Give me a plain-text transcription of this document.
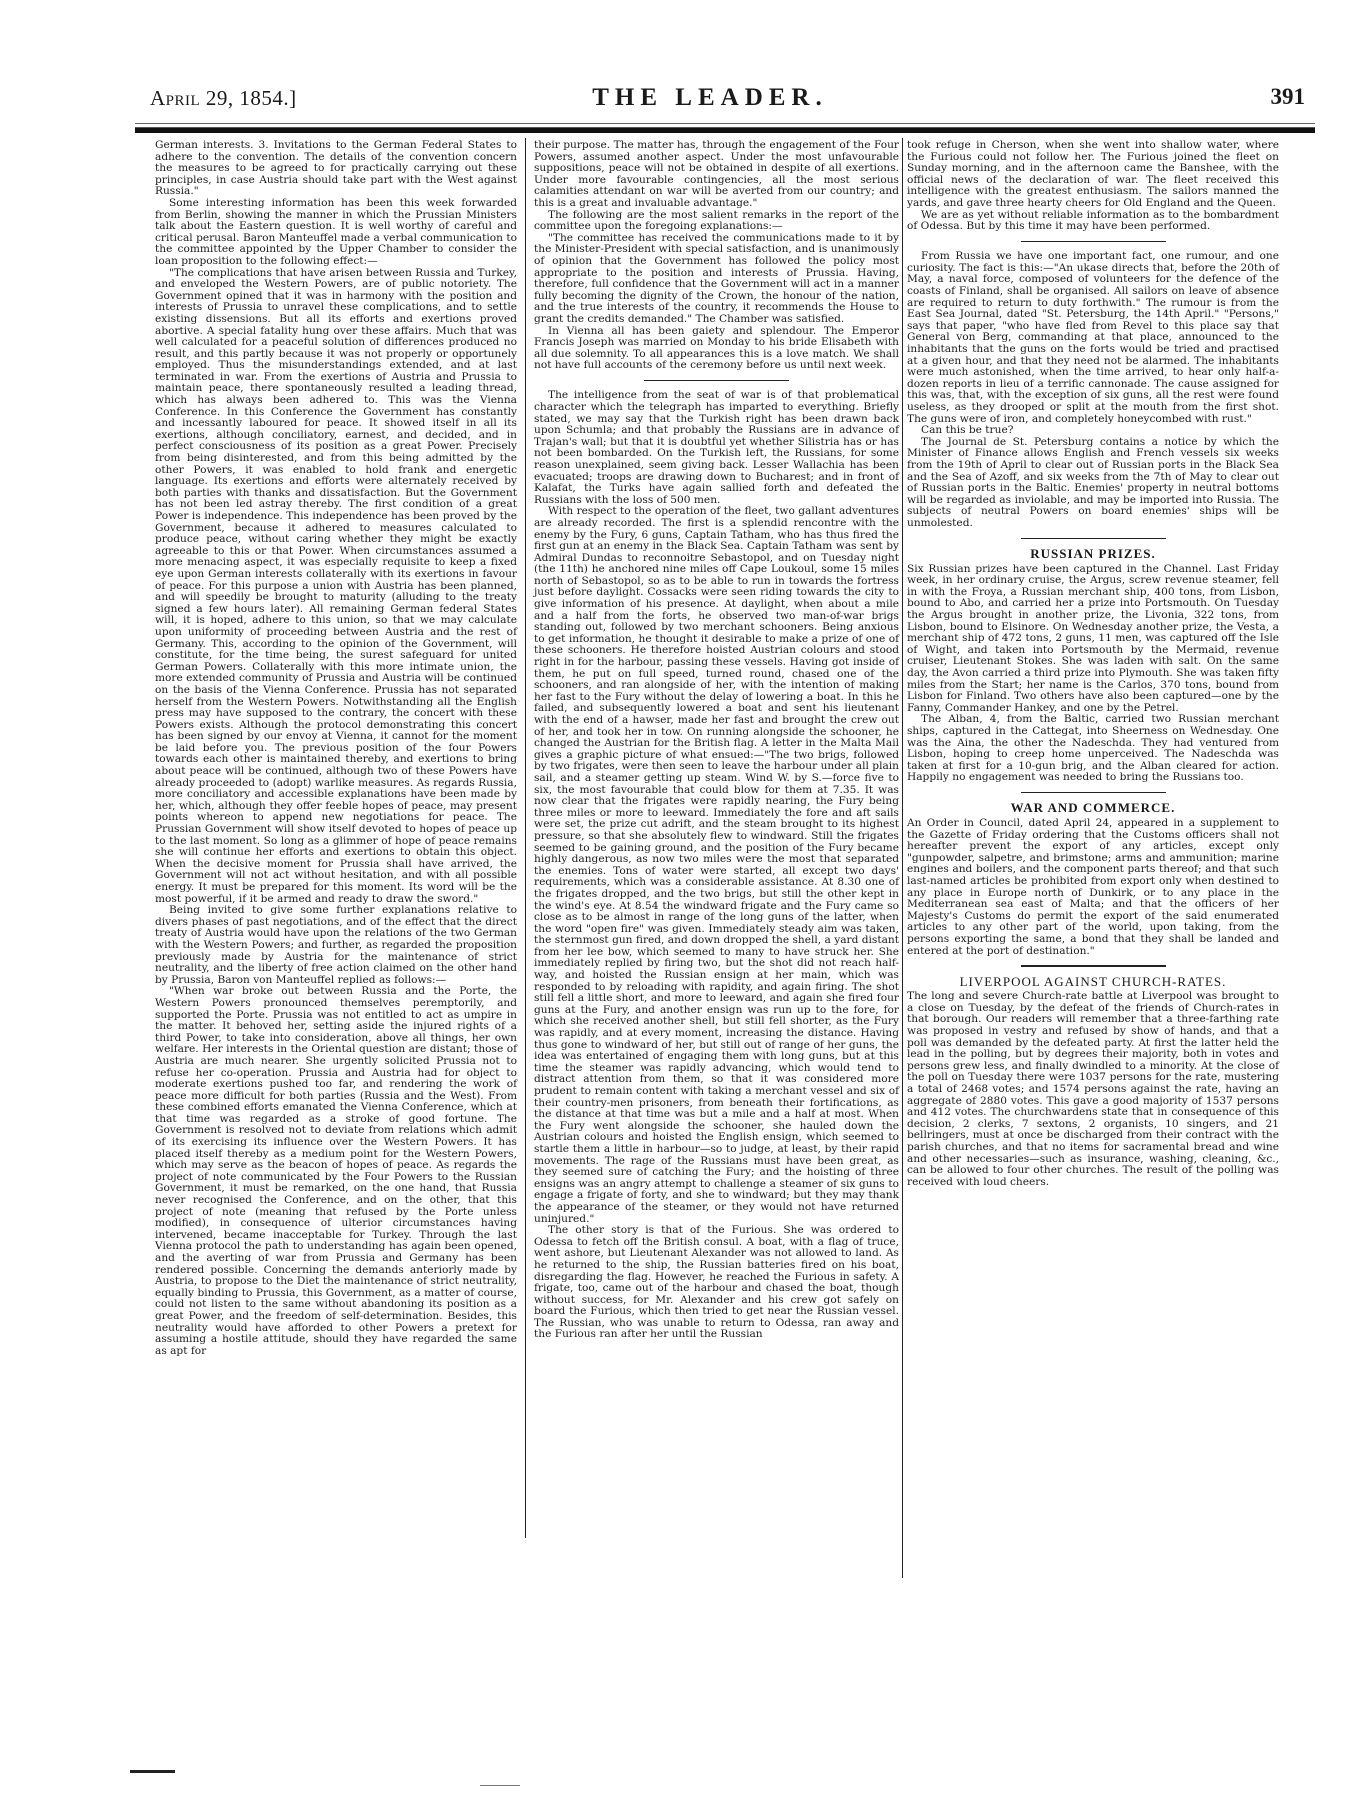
April 29, 1854.]	THE LEADER.	391

German interests. 3. Invitations to the German Federal States to adhere to the convention. The details of the convention concern the measures to be agreed to for practically carrying out these principles, in case Austria should take part with the West against Russia."

Some interesting information has been this week forwarded from Berlin, showing the manner in which the Prussian Ministers talk about the Eastern question. It is well worthy of careful and critical perusal. Baron Manteuffel made a verbal communication to the committee appointed by the Upper Chamber to consider the loan proposition to the following effect:—

"The complications that have arisen between Russia and Turkey, and enveloped the Western Powers, are of public notoriety. The Government opined that it was in harmony with the position and interests of Prussia to unravel these complications, and to settle existing dissensions. But all its efforts and exertions proved abortive. A special fatality hung over these affairs. Much that was well calculated for a peaceful solution of differences produced no result, and this partly because it was not properly or opportunely employed. Thus the misunderstandings extended, and at last terminated in war. From the exertions of Austria and Prussia to maintain peace, there spontaneously resulted a leading thread, which has always been adhered to. This was the Vienna Conference. In this Conference the Government has constantly and incessantly laboured for peace. It showed itself in all its exertions, although conciliatory, earnest, and decided, and in perfect consciousness of its position as a great Power. Precisely from being disinterested, and from this being admitted by the other Powers, it was enabled to hold frank and energetic language. Its exertions and efforts were alternately received by both parties with thanks and dissatisfaction. But the Government has not been led astray thereby. The first condition of a great Power is independence. This independence has been proved by the Government, because it adhered to measures calculated to produce peace, without caring whether they might be exactly agreeable to this or that Power. When circumstances assumed a more menacing aspect, it was especially requisite to keep a fixed eye upon German interests collaterally with its exertions in favour of peace. For this purpose a union with Austria has been planned, and will speedily be brought to maturity (alluding to the treaty signed a few hours later). All remaining German federal States will, it is hoped, adhere to this union, so that we may calculate upon uniformity of proceeding between Austria and the rest of Germany. This, according to the opinion of the Government, will constitute, for the time being, the surest safeguard for united German Powers. Collaterally with this more intimate union, the more extended community of Prussia and Austria will be continued on the basis of the Vienna Conference. Prussia has not separated herself from the Western Powers. Notwithstanding all the English press may have supposed to the contrary, the concert with these Powers exists. Although the protocol demonstrating this concert has been signed by our envoy at Vienna, it cannot for the moment be laid before you. The previous position of the four Powers towards each other is maintained thereby, and exertions to bring about peace will be continued, although two of these Powers have already proceeded to (adopt) warlike measures. As regards Russia, more conciliatory and accessible explanations have been made by her, which, although they offer feeble hopes of peace, may present points whereon to append new negotiations for peace. The Prussian Government will show itself devoted to hopes of peace up to the last moment. So long as a glimmer of hope of peace remains she will continue her efforts and exertions to obtain this object. When the decisive moment for Prussia shall have arrived, the Government will not act without hesitation, and with all possible energy. It must be prepared for this moment. Its word will be the most powerful, if it be armed and ready to draw the sword."

Being invited to give some further explanations relative to divers phases of past negotiations, and of the effect that the direct treaty of Austria would have upon the relations of the two German with the Western Powers; and further, as regarded the proposition previously made by Austria for the maintenance of strict neutrality, and the liberty of free action claimed on the other hand by Prussia, Baron von Manteuffel replied as follows:—

"When war broke out between Russia and the Porte, the Western Powers pronounced themselves peremptorily, and supported the Porte. Prussia was not entitled to act as umpire in the matter. It behoved her, setting aside the injured rights of a third Power, to take into consideration, above all things, her own welfare. Her interests in the Oriental question are distant; those of Austria are much nearer. She urgently solicited Prussia not to refuse her co-operation. Prussia and Austria had for object to moderate exertions pushed too far, and rendering the work of peace more difficult for both parties (Russia and the West). From these combined efforts emanated the Vienna Conference, which at that time was regarded as a stroke of good fortune. The Government is resolved not to deviate from relations which admit of its exercising its influence over the Western Powers. It has placed itself thereby as a medium point for the Western Powers, which may serve as the beacon of hopes of peace. As regards the project of note communicated by the Four Powers to the Russian Government, it must be remarked, on the one hand, that Russia never recognised the Conference, and on the other, that this project of note (meaning that refused by the Porte unless modified), in consequence of ulterior circumstances having intervened, became inacceptable for Turkey. Through the last Vienna protocol the path to understanding has again been opened, and the averting of war from Prussia and Germany has been rendered possible. Concerning the demands anteriorly made by Austria, to propose to the Diet the maintenance of strict neutrality, equally binding to Prussia, this Government, as a matter of course, could not listen to the same without abandoning its position as a great Power, and the freedom of self-determination. Besides, this neutrality would have afforded to other Powers a pretext for assuming a hostile attitude, should they have regarded the same as apt for

their purpose. The matter has, through the engagement of the Four Powers, assumed another aspect. Under the most unfavourable suppositions, peace will not be obtained in despite of all exertions. Under more favourable contingencies, all the most serious calamities attendant on war will be averted from our country; and this is a great and invaluable advantage."

The following are the most salient remarks in the report of the committee upon the foregoing explanations:—

"The committee has received the communications made to it by the Minister-President with special satisfaction, and is unanimously of opinion that the Government has followed the policy most appropriate to the position and interests of Prussia. Having, therefore, full confidence that the Government will act in a manner fully becoming the dignity of the Crown, the honour of the nation, and the true interests of the country, it recommends the House to grant the credits demanded." The Chamber was satisfied.

In Vienna all has been gaiety and splendour. The Emperor Francis Joseph was married on Monday to his bride Elisabeth with all due solemnity. To all appearances this is a love match. We shall not have full accounts of the ceremony before us until next week.

The intelligence from the seat of war is of that problematical character which the telegraph has imparted to everything. Briefly stated, we may say that the Turkish right has been drawn back upon Schumla; and that probably the Russians are in advance of Trajan's wall; but that it is doubtful yet whether Silistria has or has not been bombarded. On the Turkish left, the Russians, for some reason unexplained, seem giving back. Lesser Wallachia has been evacuated; troops are drawing down to Bucharest; and in front of Kalafat, the Turks have again sallied forth and defeated the Russians with the loss of 500 men.

With respect to the operation of the fleet, two gallant adventures are already recorded. The first is a splendid rencontre with the enemy by the Fury, 6 guns, Captain Tatham, who has thus fired the first gun at an enemy in the Black Sea. Captain Tatham was sent by Admiral Dundas to reconnoitre Sebastopol, and on Tuesday night (the 11th) he anchored nine miles off Cape Loukoul, some 15 miles north of Sebastopol, so as to be able to run in towards the fortress just before daylight. Cossacks were seen riding towards the city to give information of his presence. At daylight, when about a mile and a half from the forts, he observed two man-of-war brigs standing out, followed by two merchant schooners. Being anxious to get information, he thought it desirable to make a prize of one of these schooners. He therefore hoisted Austrian colours and stood right in for the harbour, passing these vessels. Having got inside of them, he put on full speed, turned round, chased one of the schooners, and ran alongside of her, with the intention of making her fast to the Fury without the delay of lowering a boat. In this he failed, and subsequently lowered a boat and sent his lieutenant with the end of a hawser, made her fast and brought the crew out of her, and took her in tow. On running alongside the schooner, he changed the Austrian for the British flag. A letter in the Malta Mail gives a graphic picture of what ensued:—"The two brigs, followed by two frigates, were then seen to leave the harbour under all plain sail, and a steamer getting up steam. Wind W. by S.—force five to six, the most favourable that could blow for them at 7.35. It was now clear that the frigates were rapidly nearing, the Fury being three miles or more to leeward. Immediately the fore and aft sails were set, the prize cut adrift, and the steam brought to its highest pressure, so that she absolutely flew to windward. Still the frigates seemed to be gaining ground, and the position of the Fury became highly dangerous, as now two miles were the most that separated the enemies. Tons of water were started, all except two days' requirements, which was a considerable assistance. At 8.30 one of the frigates dropped, and the two brigs, but still the other kept in the wind's eye. At 8.54 the windward frigate and the Fury came so close as to be almost in range of the long guns of the latter, when the word "open fire" was given. Immediately steady aim was taken, the sternmost gun fired, and down dropped the shell, a yard distant from her lee bow, which seemed to many to have struck her. She immediately replied by firing two, but the shot did not reach half-way, and hoisted the Russian ensign at her main, which was responded to by reloading with rapidity, and again firing. The shot still fell a little short, and more to leeward, and again she fired four guns at the Fury, and another ensign was run up to the fore, for which she received another shell, but still fell shorter, as the Fury was rapidly, and at every moment, increasing the distance. Having thus gone to windward of her, but still out of range of her guns, the idea was entertained of engaging them with long guns, but at this time the steamer was rapidly advancing, which would tend to distract attention from them, so that it was considered more prudent to remain content with taking a merchant vessel and six of their country-men prisoners, from beneath their fortifications, as the distance at that time was but a mile and a half at most. When the Fury went alongside the schooner, she hauled down the Austrian colours and hoisted the English ensign, which seemed to startle them a little in harbour—so to judge, at least, by their rapid movements. The rage of the Russians must have been great, as they seemed sure of catching the Fury; and the hoisting of three ensigns was an angry attempt to challenge a steamer of six guns to engage a frigate of forty, and she to windward; but they may thank the appearance of the steamer, or they would not have returned uninjured."

The other story is that of the Furious. She was ordered to Odessa to fetch off the British consul. A boat, with a flag of truce, went ashore, but Lieutenant Alexander was not allowed to land. As he returned to the ship, the Russian batteries fired on his boat, disregarding the flag. However, he reached the Furious in safety. A frigate, too, came out of the harbour and chased the boat, though without success, for Mr. Alexander and his crew got safely on board the Furious, which then tried to get near the Russian vessel. The Russian, who was unable to return to Odessa, ran away and the Furious ran after her until the Russian

took refuge in Cherson, when she went into shallow water, where the Furious could not follow her. The Furious joined the fleet on Sunday morning, and in the afternoon came the Banshee, with the official news of the declaration of war. The fleet received this intelligence with the greatest enthusiasm. The sailors manned the yards, and gave three hearty cheers for Old England and the Queen.

We are as yet without reliable information as to the bombardment of Odessa. But by this time it may have been performed.

From Russia we have one important fact, one rumour, and one curiosity. The fact is this:—"An ukase directs that, before the 20th of May, a naval force, composed of volunteers for the defence of the coasts of Finland, shall be organised. All sailors on leave of absence are required to return to duty forthwith." The rumour is from the East Sea Journal, dated "St. Petersburg, the 14th April." "Persons," says that paper, "who have fled from Revel to this place say that General von Berg, commanding at that place, announced to the inhabitants that the guns on the forts would be tried and practised at a given hour, and that they need not be alarmed. The inhabitants were much astonished, when the time arrived, to hear only half-a-dozen reports in lieu of a terrific cannonade. The cause assigned for this was, that, with the exception of six guns, all the rest were found useless, as they drooped or split at the mouth from the first shot. The guns were of iron, and completely honeycombed with rust."

Can this be true?

The Journal de St. Petersburg contains a notice by which the Minister of Finance allows English and French vessels six weeks from the 19th of April to clear out of Russian ports in the Black Sea and the Sea of Azoff, and six weeks from the 7th of May to clear out of Russian ports in the Baltic. Enemies' property in neutral bottoms will be regarded as inviolable, and may be imported into Russia. The subjects of neutral Powers on board enemies' ships will be unmolested.

RUSSIAN PRIZES.

Six Russian prizes have been captured in the Channel. Last Friday week, in her ordinary cruise, the Argus, screw revenue steamer, fell in with the Froya, a Russian merchant ship, 400 tons, from Lisbon, bound to Abo, and carried her a prize into Portsmouth. On Tuesday the Argus brought in another prize, the Livonia, 322 tons, from Lisbon, bound to Elsinore. On Wednesday another prize, the Vesta, a merchant ship of 472 tons, 2 guns, 11 men, was captured off the Isle of Wight, and taken into Portsmouth by the Mermaid, revenue cruiser, Lieutenant Stokes. She was laden with salt. On the same day, the Avon carried a third prize into Plymouth. She was taken fifty miles from the Start; her name is the Carlos, 370 tons, bound from Lisbon for Finland. Two others have also been captured—one by the Fanny, Commander Hankey, and one by the Petrel.

The Alban, 4, from the Baltic, carried two Russian merchant ships, captured in the Cattegat, into Sheerness on Wednesday. One was the Aina, the other the Nadeschda. They had ventured from Lisbon, hoping to creep home unperceived. The Nadeschda was taken at first for a 10-gun brig, and the Alban cleared for action. Happily no engagement was needed to bring the Russians too.

WAR AND COMMERCE.

An Order in Council, dated April 24, appeared in a supplement to the Gazette of Friday ordering that the Customs officers shall not hereafter prevent the export of any articles, except only "gunpowder, salpetre, and brimstone; arms and ammunition; marine engines and boilers, and the component parts thereof; and that such last-named articles be prohibited from export only when destined to any place in Europe north of Dunkirk, or to any place in the Mediterranean sea east of Malta; and that the officers of her Majesty's Customs do permit the export of the said enumerated articles to any other part of the world, upon taking, from the persons exporting the same, a bond that they shall be landed and entered at the port of destination."

LIVERPOOL AGAINST CHURCH-RATES.

The long and severe Church-rate battle at Liverpool was brought to a close on Tuesday, by the defeat of the friends of Church-rates in that borough. Our readers will remember that a three-farthing rate was proposed in vestry and refused by show of hands, and that a poll was demanded by the defeated party. At first the latter held the lead in the polling, but by degrees their majority, both in votes and persons grew less, and finally dwindled to a minority. At the close of the poll on Tuesday there were 1037 persons for the rate, mustering a total of 2468 votes; and 1574 persons against the rate, having an aggregate of 2880 votes. This gave a good majority of 1537 persons and 412 votes. The churchwardens state that in consequence of this decision, 2 clerks, 7 sextons, 2 organists, 10 singers, and 21 bellringers, must at once be discharged from their contract with the parish churches, and that no items for sacramental bread and wine and other necessaries—such as insurance, washing, cleaning, &c., can be allowed to four other churches. The result of the polling was received with loud cheers.
